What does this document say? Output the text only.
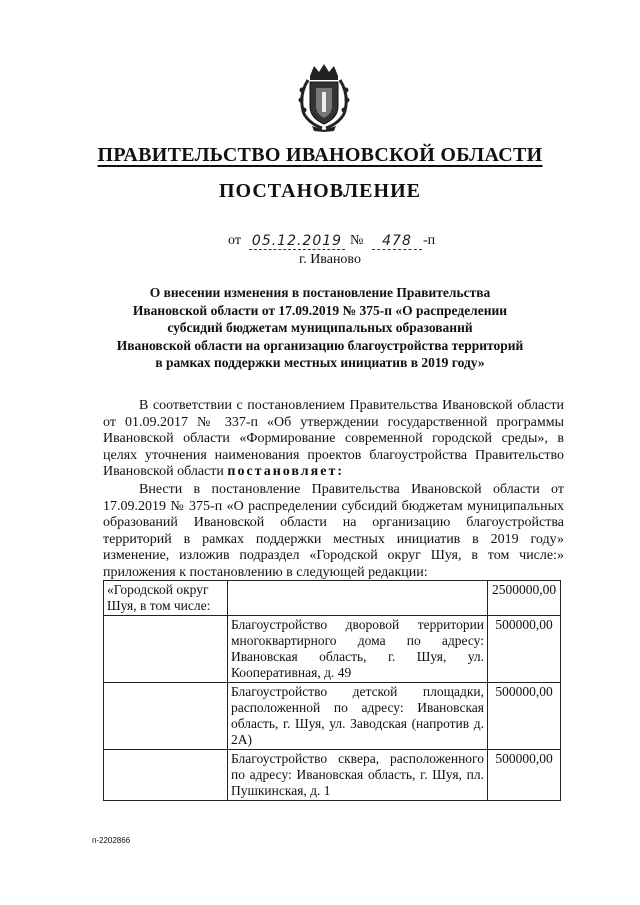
ПРАВИТЕЛЬСТВО ИВАНОВСКОЙ ОБЛАСТИ
ПОСТАНОВЛЕНИЕ
от 05.12.2019 №	478 -п
г. Иваново
О внесении изменения в постановление Правительства
Ивановской области от 17.09.2019 № 375-п «О распределении
субсидий бюджетам муниципальных образований
Ивановской области на организацию благоустройства территорий
в рамках поддержки местных инициатив в 2019 году»

В соответствии с постановлением Правительства Ивановской области от 01.09.2017 № 337-п «Об утверждении государственной программы Ивановской области «Формирование современной городской среды», в целях уточнения наименования проектов благоустройства Правительство Ивановской области постановляет:

Внести в постановление Правительства Ивановской области от 17.09.2019 № 375-п «О распределении субсидий бюджетам муниципальных образований Ивановской области на организацию благоустройства территорий в рамках поддержки местных инициатив в 2019 году» изменение, изложив подраздел «Городской округ Шуя, в том числе:» приложения к постановлению в следующей редакции:

«Городской округ Шуя, в том числе:		2500000,00
	Благоустройство дворовой территории многоквартирного дома по адресу: Ивановская область, г. Шуя, ул. Кооперативная, д. 49	500000,00
	Благоустройство детской площадки, расположенной по адресу: Ивановская область, г. Шуя, ул. Заводская (напротив д. 2А)	500000,00
	Благоустройство сквера, расположенного по адресу: Ивановская область, г. Шуя, пл. Пушкинская, д. 1	500000,00
п-2202866
